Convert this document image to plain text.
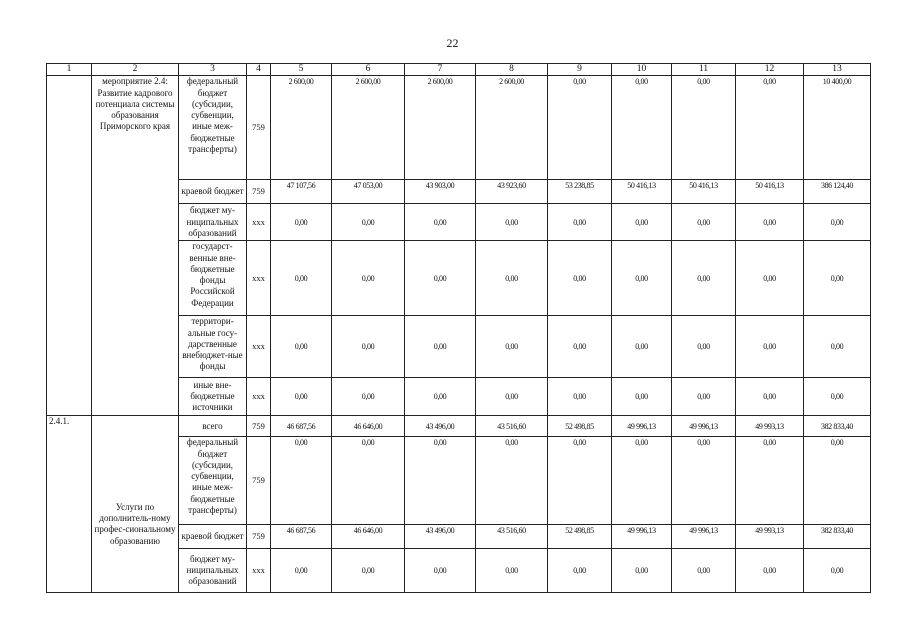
22
1	2	3	4	5	6	7	8	9	10	11	12	13
	мероприятие 2.4: Развитие кадрового потенциала системы образования Приморского края	федеральный бюджет (субсидии, субвенции, иные меж-бюджетные трансферты)	759	2 600,00	2 600,00	2 600,00	2 600,00	0,00	0,00	0,00	0,00	10 400,00
		краевой бюджет	759	47 107,56	47 053,00	43 903,00	43 923,60	53 238,85	50 416,13	50 416,13	50 416,13	386 124,40
		бюджет му-ниципальных образований	xxx	0,00	0,00	0,00	0,00	0,00	0,00	0,00	0,00	0,00
		государст-венные вне-бюджетные фонды Российской Федерации	xxx	0,00	0,00	0,00	0,00	0,00	0,00	0,00	0,00	0,00
		территори-альные госу-дарственные внебюджет-ные фонды	xxx	0,00	0,00	0,00	0,00	0,00	0,00	0,00	0,00	0,00
		иные вне-бюджетные источники	xxx	0,00	0,00	0,00	0,00	0,00	0,00	0,00	0,00	0,00
2.4.1.	Услуги по дополнитель-ному профес-сиональному образованию	всего	759	46 687,56	46 646,00	43 496,00	43 516,60	52 498,85	49 996,13	49 996,13	49 993,13	382 833,40
		федеральный бюджет (субсидии, субвенции, иные меж-бюджетные трансферты)	759	0,00	0,00	0,00	0,00	0,00	0,00	0,00	0,00	0,00
		краевой бюджет	759	46 687,56	46 646,00	43 496,00	43 516,60	52 498,85	49 996,13	49 996,13	49 993,13	382 833,40
		бюджет му-ниципальных образований	xxx	0,00	0,00	0,00	0,00	0,00	0,00	0,00	0,00	0,00
